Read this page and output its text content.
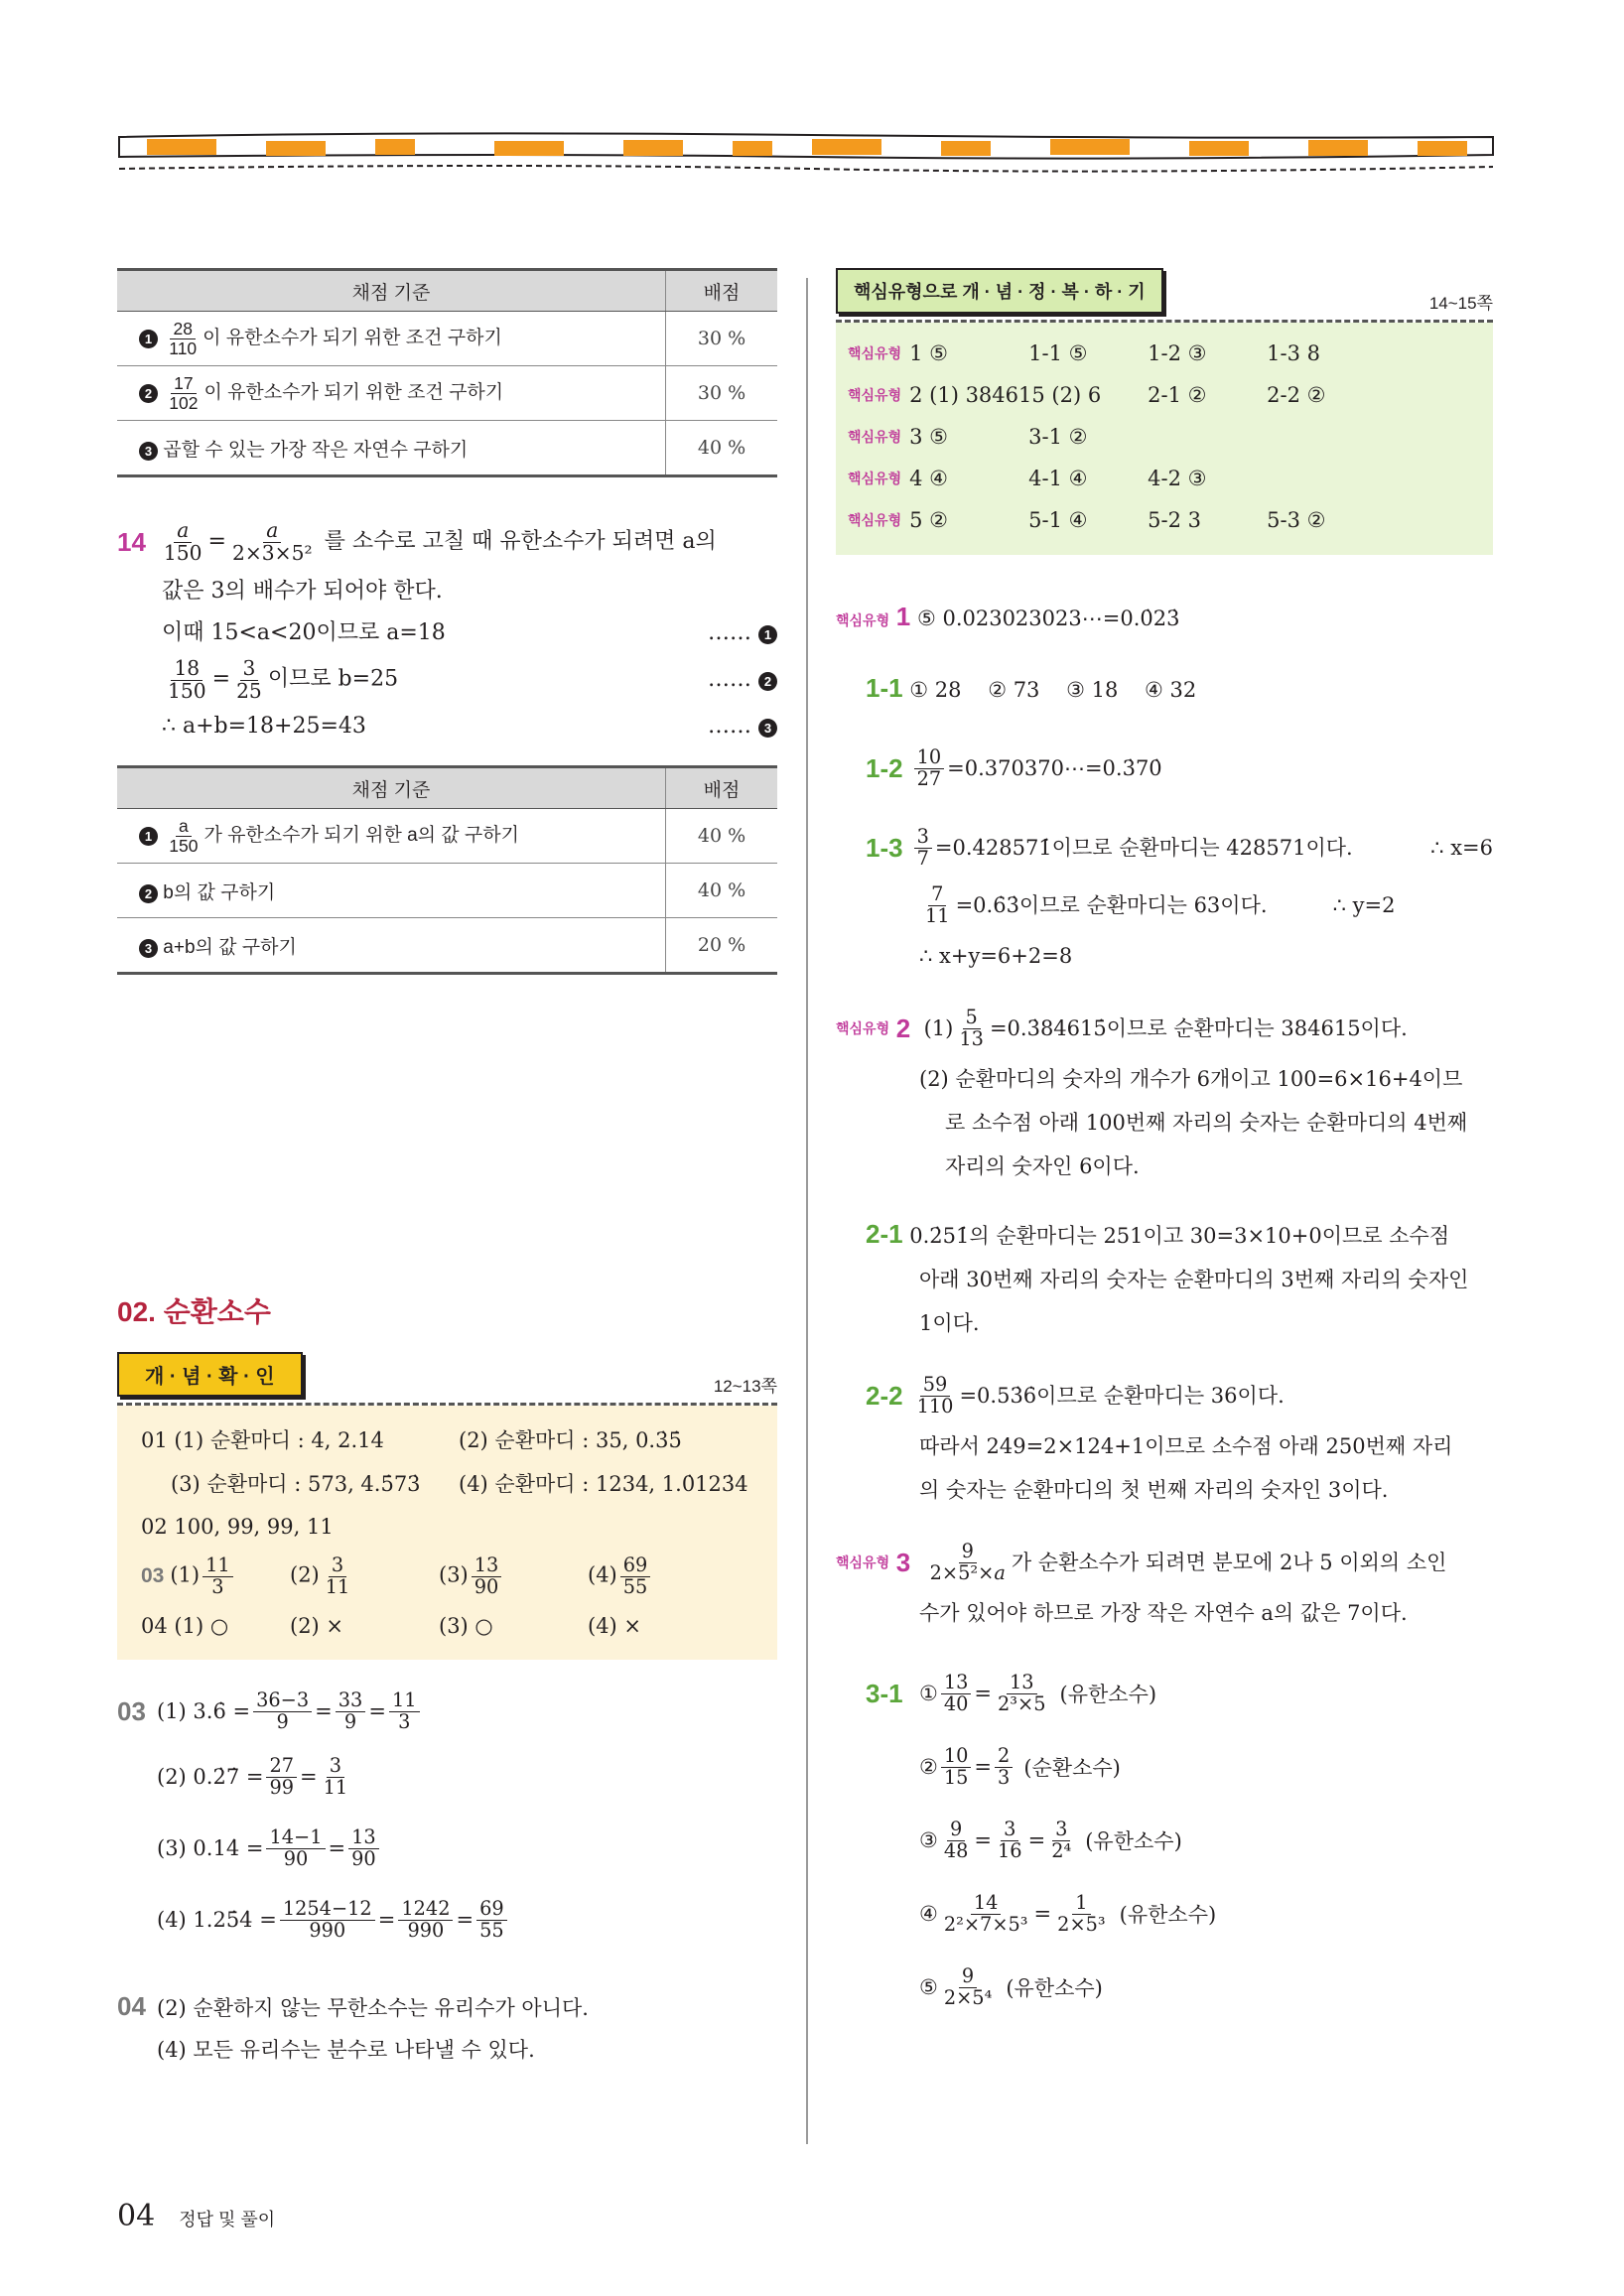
채점 기준	배점
$1 \frac{28}{110}$ 이 유한소수가 되기 위한 조건 구하기	30 %
$2 \frac{17}{102}$ 이 유한소수가 되기 위한 조건 구하기	30 %
3 곱할 수 있는 가장 작은 자연수 구하기	40 %
$14 \frac{a}{150} = \frac{a}{\text{2×3×5²}}$ 를 소수로 고칠 때 유한소수가 되려면 a의
값은 3의 배수가 되어야 한다.
이때 15<a<20이므로 a=18	…… 1
$\frac{18}{150} = \frac{3}{25}$ 이므로 b=25	…… 2
∴ a+b=18+25=43	…… 3
채점 기준	배점
$1 \frac{a}{150}$ 가 유한소수가 되기 위한 a의 값 구하기	40 %
2 b의 값 구하기	40 %
3 a+b의 값 구하기	20 %
02. 순환소수
개 · 념 · 확 · 인	12~13쪽
01 (1) 순환마디 : 4, 2.14̇	(2) 순환마디 : 35, 0.3̇5̇
(3) 순환마디 : 573, 4.5̇73̇	(4) 순환마디 : 1234, 1.0̇123̇4
02 100, 99, 99, 11
03 $(1) \frac{11}{3}$	$(2) \frac{3}{11}$	$(3) \frac{13}{90}$	$(4) \frac{69}{55}$
04 (1) ○	(2) ×	(3) ○	(4) ×
03 (1) 3.6̇ = $\frac{36-3}{9} = \frac{33}{9} = \frac{11}{3}$
(2) 0.2̇7̇ = $\frac{27}{99} = \frac{3}{11}$
(3) 0.14̇ = $\frac{14-1}{90} = \frac{13}{90}$
(4) 1.25̇4̇ = $\frac{1254-12}{990} = \frac{1242}{990} = \frac{69}{55}$
04 (2) 순환하지 않는 무한소수는 유리수가 아니다.
(4) 모든 유리수는 분수로 나타낼 수 있다.
핵심유형으로 개 · 념 · 정 · 복 · 하 · 기
14~15쪽
핵심유형 1 ⑤	1-1 ⑤	1-2 ③	1-3 8
핵심유형 2 (1) 384615 (2) 6	2-1 ②	2-2 ②
핵심유형 3 ⑤	3-1 ②
핵심유형 4 ④	4-1 ④	4-2 ③
핵심유형 5 ②	5-1 ④	5-2 3	5-3 ②
핵심유형 1 ⑤ 0.023023023⋯=0.0̇23̇
1-1 ① 28    ② 73    ③ 18    ④ 32
$1-2 \frac{10}{27}$ =0.370370⋯=0.3̇70̇
$1-3 \frac{3}{7}$ =0.4̇28571̇이므로 순환마디는 428571이다.	∴ x=6
$\frac{7}{11}$ =0.6̇3̇이므로 순환마디는 63이다.	∴ y=2
∴ x+y=6+2=8
핵심유형
2 $(1) \frac{5}{13}$ =0.3̇84615̇이므로 순환마디는 384615이다.
(2) 순환마디의 숫자의 개수가 6개이고 100=6×16+4이므
로 소수점 아래 100번째 자리의 숫자는 순환마디의 4번째
자리의 숫자인 6이다.
2-1 0.2̇51̇의 순환마디는 251이고 30=3×10+0이므로 소수점
아래 30번째 자리의 숫자는 순환마디의 3번째 자리의 숫자인
1이다.
$2-2 \frac{59}{110}$ =0.53̇6̇이므로 순환마디는 36이다.
따라서 249=2×124+1이므로 소수점 아래 250번째 자리
의 숫자는 순환마디의 첫 번째 자리의 숫자인 3이다.
핵심유형
3
$\frac{9}{\text{2×5²×a}}$ 가 순환소수가 되려면 분모에 2나 5 이외의 소인
수가 있어야 하므로 가장 작은 자연수 a의 값은 7이다.
3-1 ① $\frac{13}{40} = \frac{13}{\text{2³×5}}$ (유한소수)
② $\frac{10}{15} = \frac{2}{3}$ (순환소수)
③ $\frac{9}{48} = \frac{3}{16} = \frac{3}{\text{2⁴}}$ (유한소수)
④ $\frac{14}{\text{2²×7×5³}} = \frac{1}{\text{2×5³}}$ (유한소수)
⑤ $\frac{9}{\text{2×5⁴}}$ (유한소수)
04 정답 및 풀이
